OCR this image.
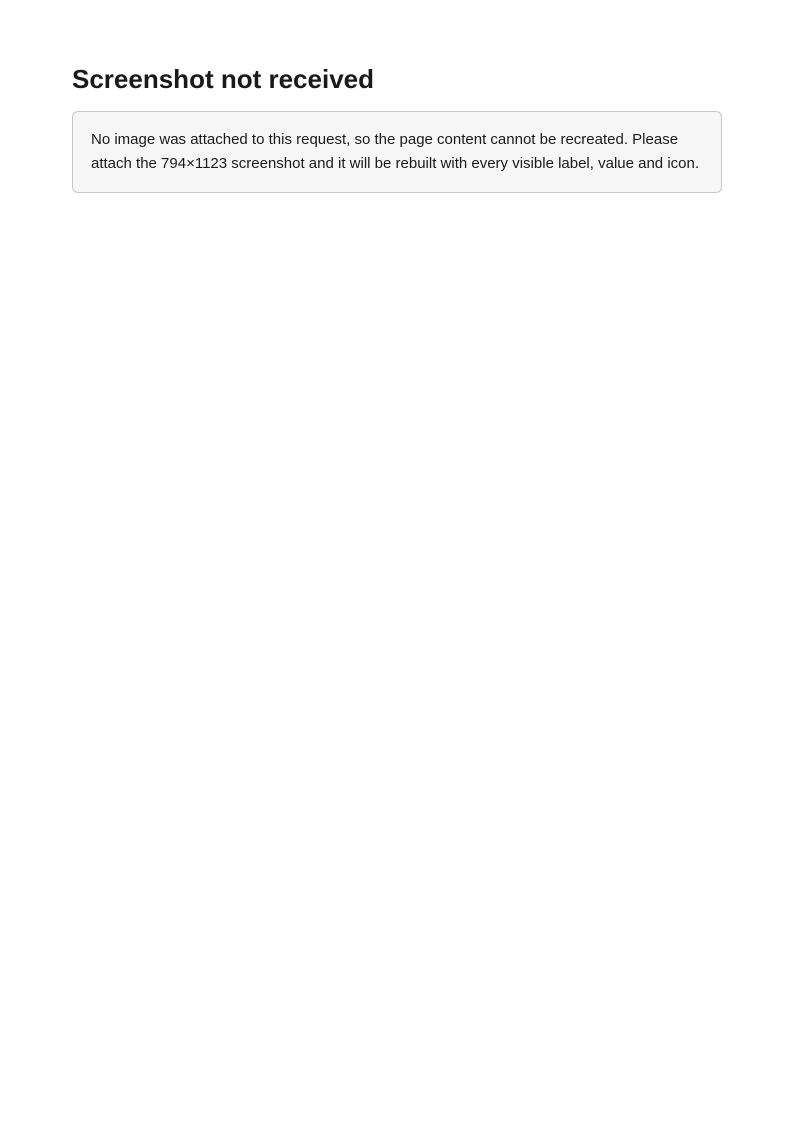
Screenshot not received
No image was attached to this request, so the page content cannot be recreated. Please attach the 794×1123 screenshot and it will be rebuilt with every visible label, value and icon.
